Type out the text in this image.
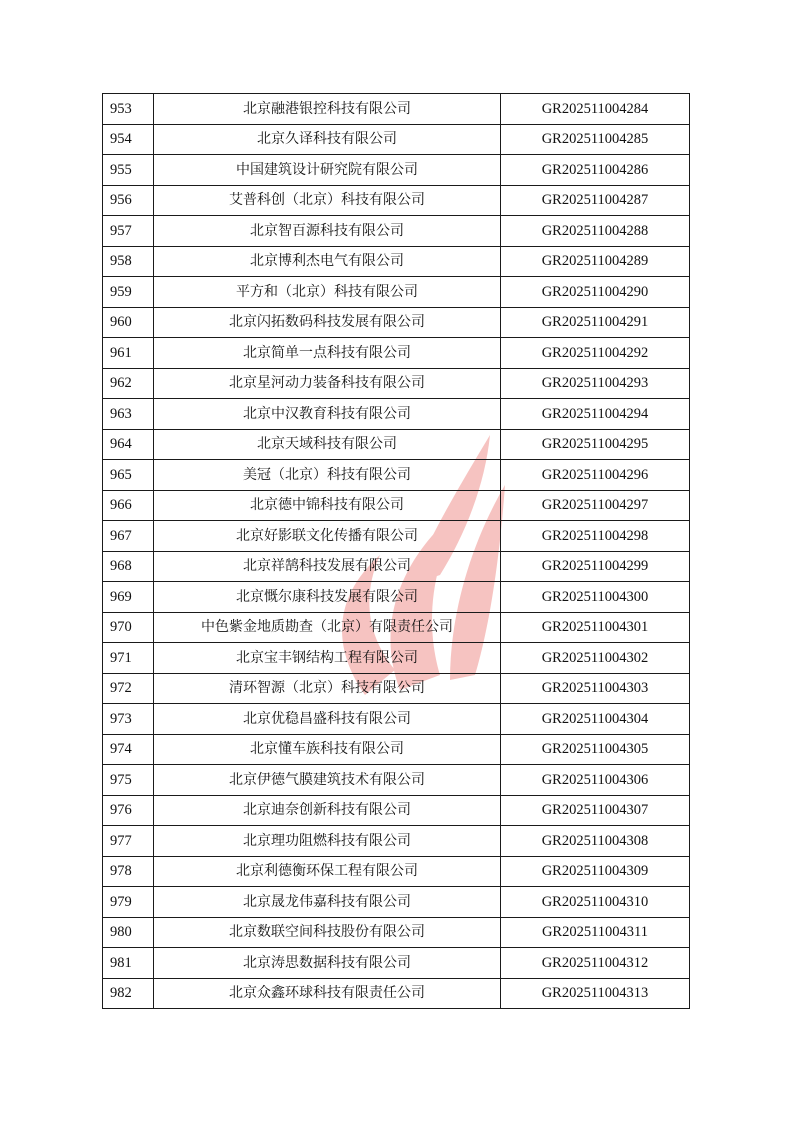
953	北京融港银控科技有限公司	GR202511004284
954	北京久译科技有限公司	GR202511004285
955	中国建筑设计研究院有限公司	GR202511004286
956	艾普科创（北京）科技有限公司	GR202511004287
957	北京智百源科技有限公司	GR202511004288
958	北京博利杰电气有限公司	GR202511004289
959	平方和（北京）科技有限公司	GR202511004290
960	北京闪拓数码科技发展有限公司	GR202511004291
961	北京简单一点科技有限公司	GR202511004292
962	北京星河动力装备科技有限公司	GR202511004293
963	北京中汉教育科技有限公司	GR202511004294
964	北京天域科技有限公司	GR202511004295
965	美冠（北京）科技有限公司	GR202511004296
966	北京德中锦科技有限公司	GR202511004297
967	北京好影联文化传播有限公司	GR202511004298
968	北京祥鹄科技发展有限公司	GR202511004299
969	北京慨尔康科技发展有限公司	GR202511004300
970	中色紫金地质勘查（北京）有限责任公司	GR202511004301
971	北京宝丰钢结构工程有限公司	GR202511004302
972	清环智源（北京）科技有限公司	GR202511004303
973	北京优稳昌盛科技有限公司	GR202511004304
974	北京懂车族科技有限公司	GR202511004305
975	北京伊德气膜建筑技术有限公司	GR202511004306
976	北京迪奈创新科技有限公司	GR202511004307
977	北京理功阻燃科技有限公司	GR202511004308
978	北京利德衡环保工程有限公司	GR202511004309
979	北京晟龙伟嘉科技有限公司	GR202511004310
980	北京数联空间科技股份有限公司	GR202511004311
981	北京涛思数据科技有限公司	GR202511004312
982	北京众鑫环球科技有限责任公司	GR202511004313
